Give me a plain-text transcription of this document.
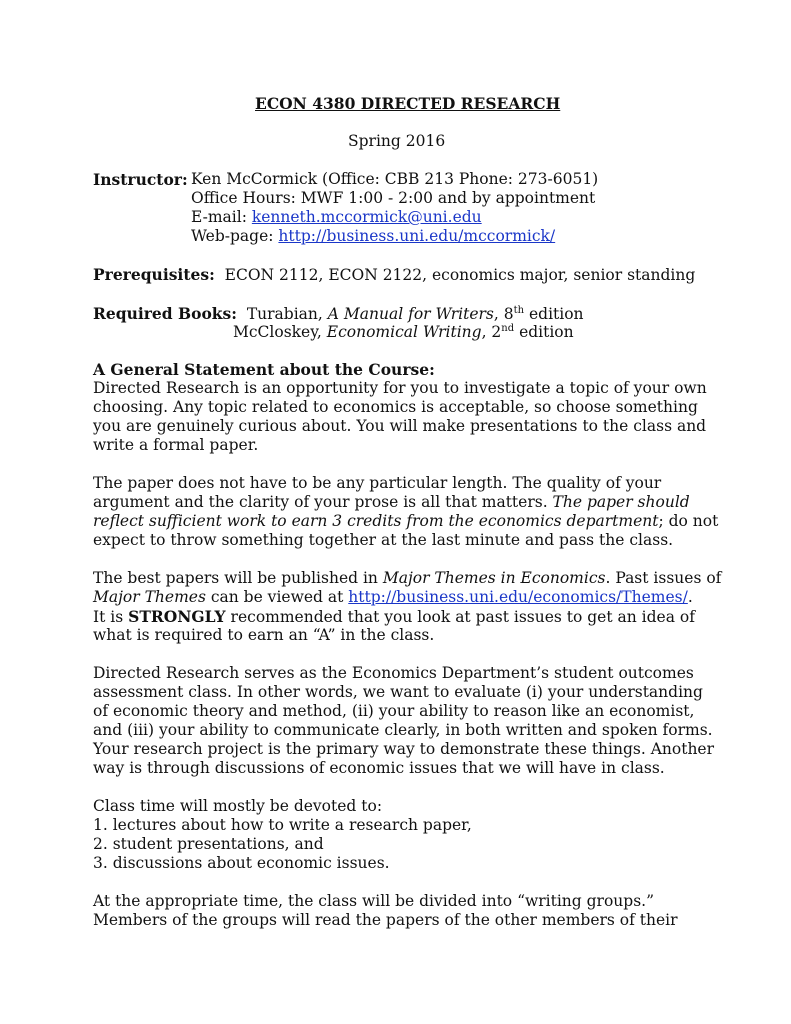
ECON 4380 DIRECTED RESEARCH
Spring 2016
Instructor: Ken McCormick (Office: CBB 213 Phone: 273-6051)
Office Hours: MWF 1:00 - 2:00 and by appointment
E-mail: kenneth.mccormick@uni.edu
Web-page: http://business.uni.edu/mccormick/
Prerequisites: ECON 2112, ECON 2122, economics major, senior standing
Required Books: Turabian, A Manual for Writers, 8th edition
McCloskey, Economical Writing, 2nd edition
A General Statement about the Course:
Directed Research is an opportunity for you to investigate a topic of your own
choosing. Any topic related to economics is acceptable, so choose something
you are genuinely curious about. You will make presentations to the class and
write a formal paper.
The paper does not have to be any particular length. The quality of your
argument and the clarity of your prose is all that matters. The paper should
reflect sufficient work to earn 3 credits from the economics department; do not
expect to throw something together at the last minute and pass the class.
The best papers will be published in Major Themes in Economics. Past issues of
Major Themes can be viewed at http://business.uni.edu/economics/Themes/.
It is STRONGLY recommended that you look at past issues to get an idea of
what is required to earn an “A” in the class.
Directed Research serves as the Economics Department’s student outcomes
assessment class. In other words, we want to evaluate (i) your understanding
of economic theory and method, (ii) your ability to reason like an economist,
and (iii) your ability to communicate clearly, in both written and spoken forms.
Your research project is the primary way to demonstrate these things. Another
way is through discussions of economic issues that we will have in class.
Class time will mostly be devoted to:
1. lectures about how to write a research paper,
2. student presentations, and
3. discussions about economic issues.
At the appropriate time, the class will be divided into “writing groups.”
Members of the groups will read the papers of the other members of their
